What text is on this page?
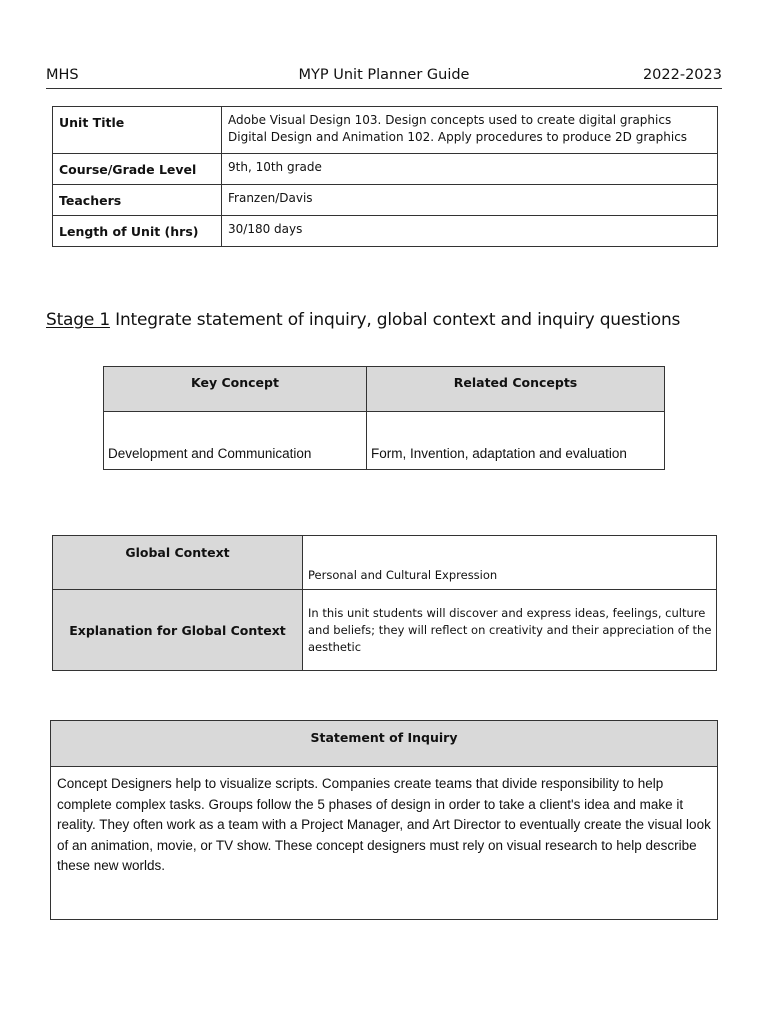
MHS	MYP Unit Planner Guide	2022-2023
Unit Title	Adobe Visual Design 103. Design concepts used to create digital graphics
Digital Design and Animation 102. Apply procedures to produce 2D graphics

Course/Grade Level	9th, 10th grade
Teachers	Franzen/Davis
Length of Unit (hrs)	30/180 days
Stage 1 Integrate statement of inquiry, global context and inquiry questions
Key Concept	Related Concepts
Development and Communication	Form, Invention, adaptation and evaluation
Global Context	Personal and Cultural Expression
Explanation for Global Context	In this unit students will discover and express ideas, feelings, culture and beliefs; they will reflect on creativity and their appreciation of the aesthetic
Statement of Inquiry
Concept Designers help to visualize scripts. Companies create teams that divide responsibility to help complete complex tasks. Groups follow the 5 phases of design in order to take a client's idea and make it reality. They often work as a team with a Project Manager, and Art Director to eventually create the visual look of an animation, movie, or TV show. These concept designers must rely on visual research to help describe these new worlds.
